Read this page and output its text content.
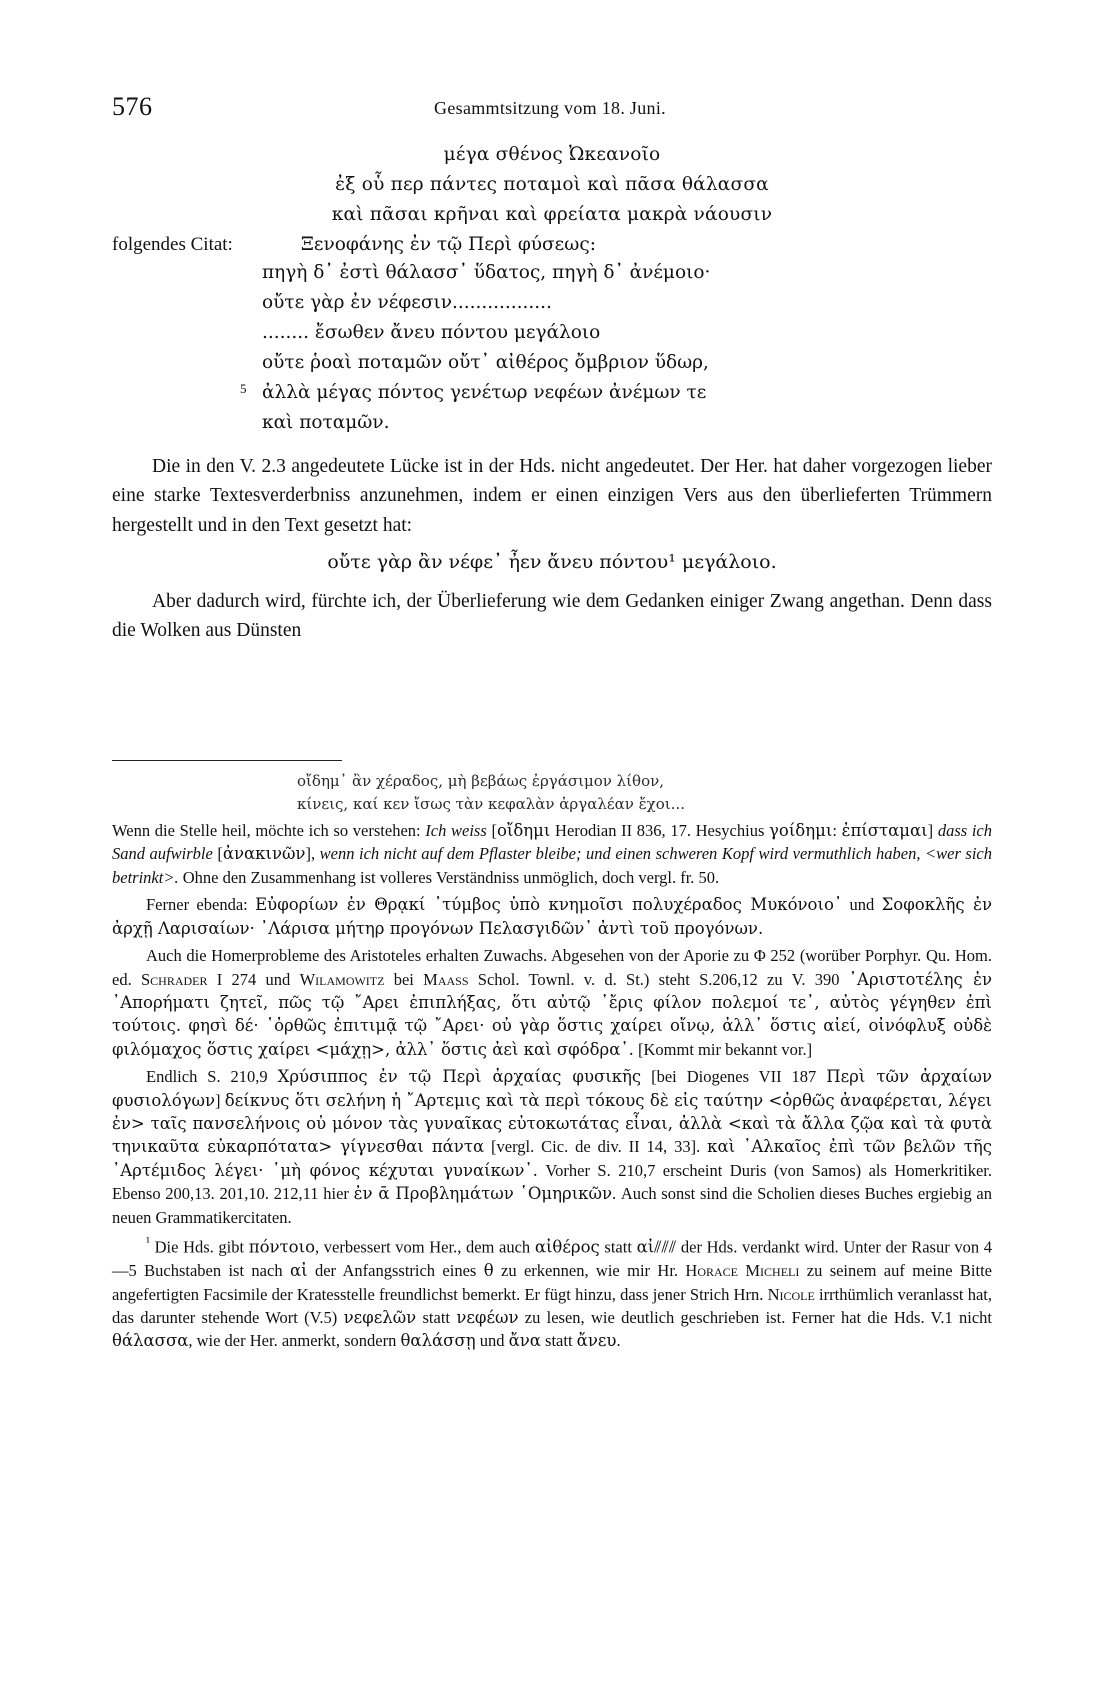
576	Gesammtsitzung vom 18. Juni.
μέγα σθένος Ὠκεανοῖο
ἐξ οὗ περ πάντες ποταμοὶ καὶ πᾶσα θάλασσα
καὶ πᾶσαι κρῆναι καὶ φρείατα μακρὰ νάουσιν
folgendes Citat:	Ξενοφάνης ἐν τῷ Περὶ φύσεως:
πηγὴ δ᾽ ἐστὶ θάλασσ᾽ ὕδατος, πηγὴ δ᾽ ἀνέμοιο·
οὔτε γὰρ ἐν νέφεσιν.................
........ ἔσωθεν ἄνευ πόντου μεγάλοιο
οὔτε ῥοαὶ ποταμῶν οὔτ᾽ αἰθέρος ὄμβριον ὕδωρ,
5 ἀλλὰ μέγας πόντος γενέτωρ νεφέων ἀνέμων τε
καὶ ποταμῶν.
Die in den V. 2.3 angedeutete Lücke ist in der Hds. nicht angedeutet. Der Her. hat daher vorgezogen lieber eine starke Textesverderbniss anzunehmen, indem er einen einzigen Vers aus den überlieferten Trümmern hergestellt und in den Text gesetzt hat:
οὔτε γὰρ ἂν νέφε᾽ ἦεν ἄνευ πόντου¹ μεγάλοιο.
Aber dadurch wird, fürchte ich, der Überlieferung wie dem Gedanken einiger Zwang angethan. Denn dass die Wolken aus Dünsten
οἴδημ᾽ ἂν χέραδος, μὴ βεβάως ἐργάσιμον λίθον,
κίνεις, καί κεν ἴσως τὰν κεφαλὰν ἀργαλέαν ἔχοι...
Wenn die Stelle heil, möchte ich so verstehen: Ich weiss [οἴδημι Herodian II 836, 17. Hesychius γοίδημι: ἐπίσταμαι] dass ich Sand aufwirble [ἀνακινῶν], wenn ich nicht auf dem Pflaster bleibe; und einen schweren Kopf wird vermuthlich haben, <wer sich betrinkt>. Ohne den Zusammenhang ist volleres Verständniss unmöglich, doch vergl. fr. 50.
Ferner ebenda: Εὐφορίων ἐν Θρᾳκί ᾽τύμβος ὑπὸ κνημοῖσι πολυχέραδος Μυκόνοιο᾽ und Σοφοκλῆς ἐν ἀρχῇ Λαρισαίων· ᾽Λάρισα μήτηρ προγόνων Πελασγιδῶν᾽ ἀντὶ τοῦ προγόνων.
Auch die Homerprobleme des Aristoteles erhalten Zuwachs. Abgesehen von der Aporie zu Φ 252 (worüber Porphyr. Qu. Hom. ed. Schrader I 274 und Wilamowitz bei Maass Schol. Townl. v. d. St.) steht S.206,12 zu V. 390 ᾽Αριστοτέλης ἐν ᾽Απορήματι ζητεῖ, πῶς τῷ ῎Αρει ἐπιπλήξας, ὅτι αὐτῷ ῾ἔρις φίλον πολεμοί τε᾽, αὐτὸς γέγηθεν ἐπὶ τούτοις. φησὶ δέ· ῾ὀρθῶς ἐπιτιμᾷ τῷ ῎Αρει· οὐ γὰρ ὅστις χαίρει οἴνῳ, ἀλλ᾽ ὅστις αἰεί, οἰνόφλυξ οὐδὲ φιλόμαχος ὅστις χαίρει <μάχῃ>, ἀλλ᾽ ὅστις ἀεὶ καὶ σφόδρα᾽. [Kommt mir bekannt vor.]
Endlich S. 210,9 Χρύσιππος ἐν τῷ Περὶ ἀρχαίας φυσικῆς [bei Diogenes VII 187 Περὶ τῶν ἀρχαίων φυσιολόγων] δείκνυς ὅτι σελήνη ἡ ῎Αρτεμις καὶ τὰ περὶ τόκους δὲ εἰς ταύτην <ὀρθῶς ἀναφέρεται, λέγει ἐν> ταῖς πανσελήνοις οὐ μόνον τὰς γυναῖκας εὐτοκωτάτας εἶναι, ἀλλὰ <καὶ τὰ ἄλλα ζῷα καὶ τὰ φυτὰ τηνικαῦτα εὐκαρπότατα> γίγνεσθαι πάντα [vergl. Cic. de div. II 14, 33]. καὶ ᾽Αλκαῖος ἐπὶ τῶν βελῶν τῆς ᾽Αρτέμιδος λέγει· ῾μὴ φόνος κέχυται γυναίκων᾽. Vorher S. 210,7 erscheint Duris (von Samos) als Homerkritiker. Ebenso 200,13. 201,10. 212,11 hier ἐν ᾱ Προβλημάτων ῾Ομηρικῶν. Auch sonst sind die Scholien dieses Buches ergiebig an neuen Grammatikercitaten.
$^{^1}$ Die Hds. gibt πόντοιο, verbessert vom Her., dem auch αἰθέρος statt αἰ⫽⫽⫽ der Hds. verdankt wird. Unter der Rasur von 4—5 Buchstaben ist nach αἰ der Anfangsstrich eines θ zu erkennen, wie mir Hr. Horace Micheli zu seinem auf meine Bitte angefertigten Facsimile der Kratesstelle freundlichst bemerkt. Er fügt hinzu, dass jener Strich Hrn. Nicole irrthümlich veranlasst hat, das darunter stehende Wort (V.5) νεφελῶν statt νεφέων zu lesen, wie deutlich geschrieben ist. Ferner hat die Hds. V.1 nicht θάλασσα, wie der Her. anmerkt, sondern θαλάσσῃ und ἄνα statt ἄνευ.
